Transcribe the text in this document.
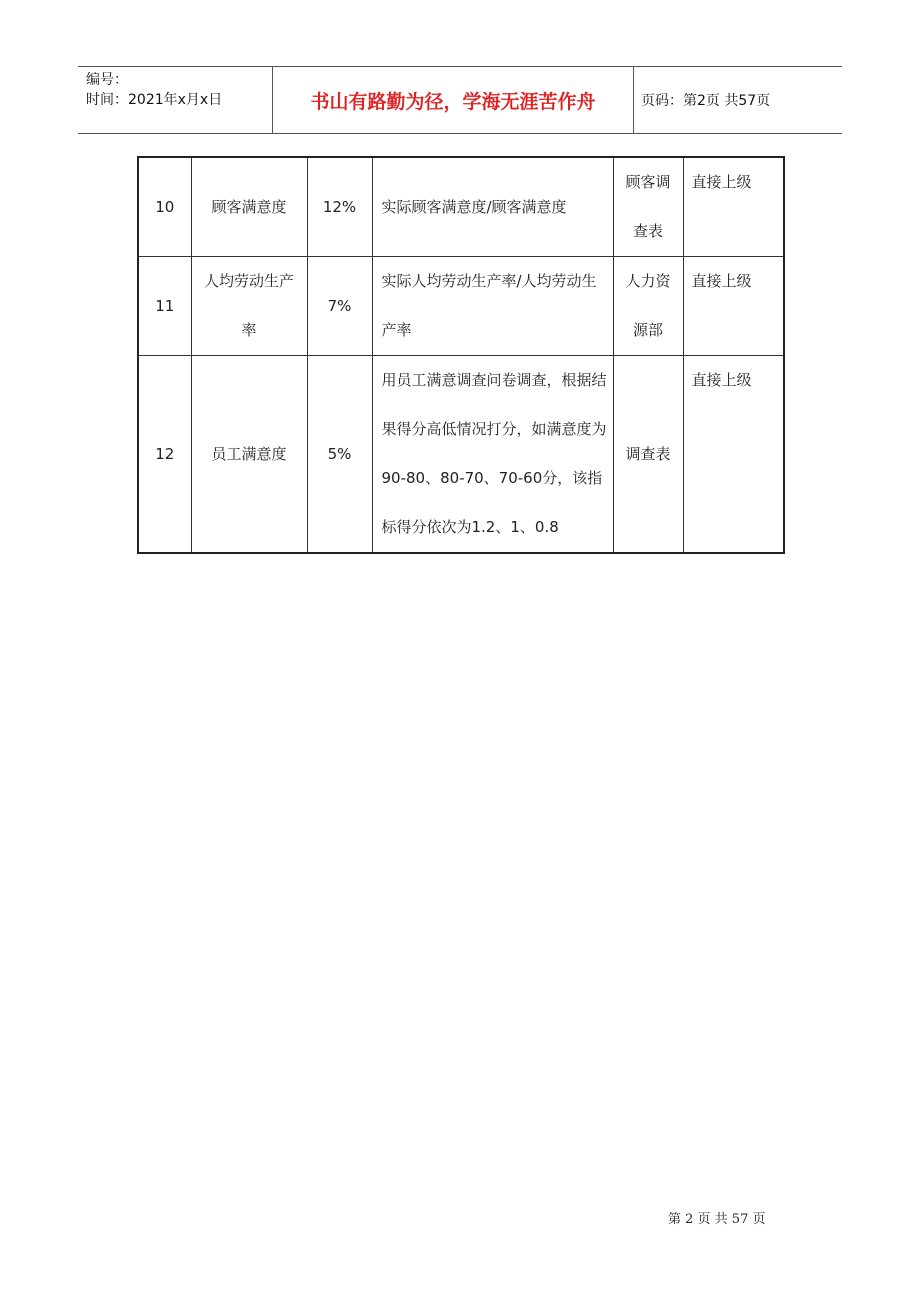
编号：
时间：2021年x月x日	书山有路勤为径，学海无涯苦作舟	页码：第2页 共57页
10	顾客满意度	12%	实际顾客满意度/顾客满意度	顾客调查表	直接上级
11	人均劳动生产率	7%	实际人均劳动生产率/人均劳动生产率	人力资源部	直接上级
12	员工满意度	5%	用员工满意调查问卷调查，根据结果得分高低情况打分，如满意度为90-80、80-70、70-60分，该指标得分依次为1.2、1、0.8	调查表	直接上级
第 2 页 共 57 页
